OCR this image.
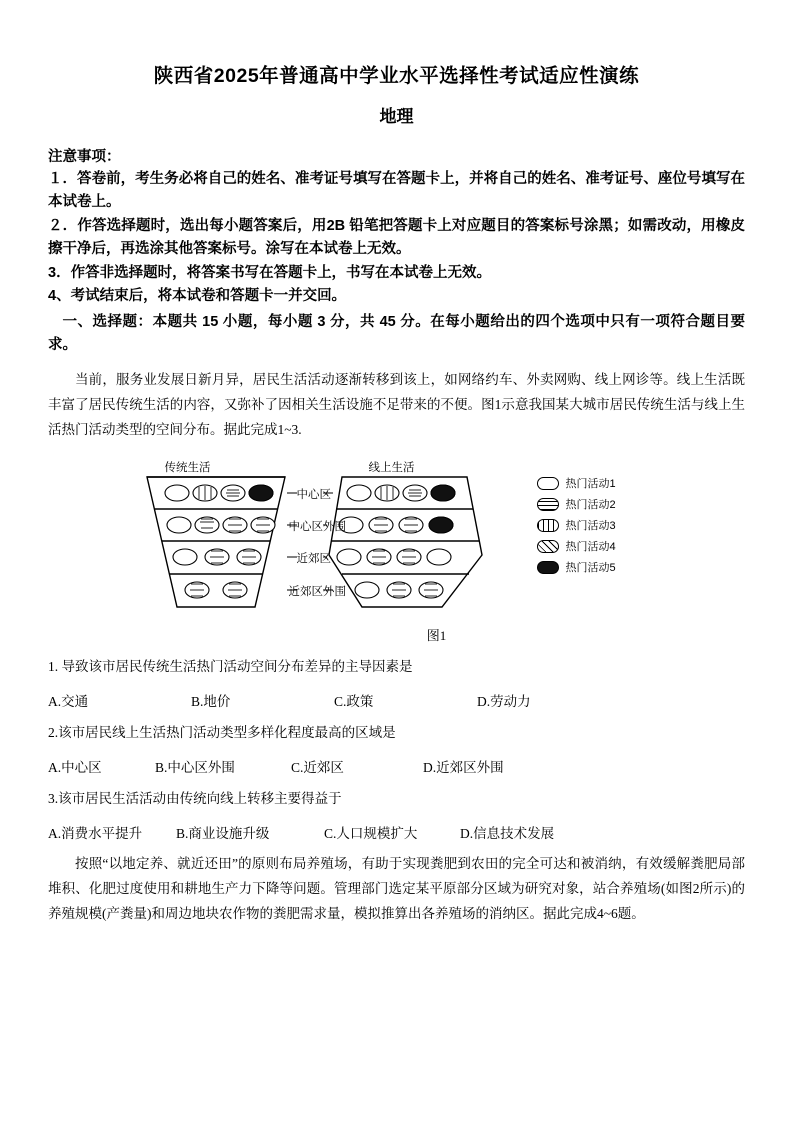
陕西省2025年普通高中学业水平选择性考试适应性演练
地理
注意事项：
１．答卷前，考生务必将自己的姓名、准考证号填写在答题卡上，并将自己的姓名、准考证号、座位号填写在本试卷上。
２．作答选择题时，选出每小题答案后，用2B 铅笔把答题卡上对应题目的答案标号涂黑；如需改动，用橡皮擦干净后，再选涂其他答案标号。涂写在本试卷上无效。
3．作答非选择题时，将答案书写在答题卡上，书写在本试卷上无效。
4、考试结束后，将本试卷和答题卡一并交回。
一、选择题：本题共 15 小题，每小题 3 分，共 45 分。在每小题给出的四个选项中只有一项符合题目要求。
当前，服务业发展日新月异，居民生活活动逐渐转移到该上，如网络约车、外卖网购、线上网诊等。线上生活既丰富了居民传统生活的内容，又弥补了因相关生活设施不足带来的不便。图1示意我国某大城市居民传统生活与线上生活热门活动类型的空间分布。据此完成1~3.
传统生活	线上生活
中心区
中心区外围
近郊区
近郊区外围
热门活动1
热门活动2
热门活动3
热门活动4
热门活动5
图1
1. 导致该市居民传统生活热门活动空间分布差异的主导因素是
A.交通	B.地价	C.政策	D.劳动力
2.该市居民线上生活热门活动类型多样化程度最高的区域是
A.中心区	B.中心区外围	C.近郊区	D.近郊区外围
3.该市居民生活活动由传统向线上转移主要得益于
A.消费水平提升	B.商业设施升级	C.人口规模扩大	D.信息技术发展
按照“以地定养、就近还田”的原则布局养殖场，有助于实现粪肥到农田的完全可达和被消纳，有效缓解粪肥局部堆积、化肥过度使用和耕地生产力下降等问题。管理部门选定某平原部分区域为研究对象，站合养殖场(如图2所示)的养殖规模(产粪量)和周边地块农作物的粪肥需求量，模拟推算出各养殖场的消纳区。据此完成4~6题。
